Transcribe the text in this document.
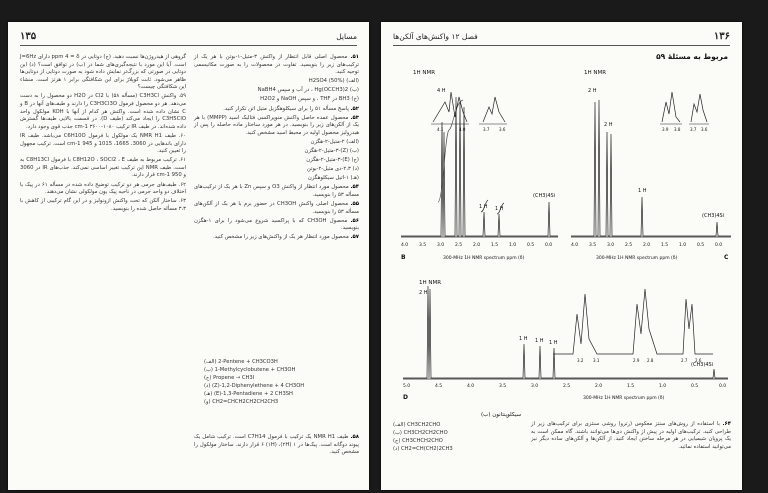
۱۳۵	مسایل

۵۱. محصول اصلی قابل انتظار از واکنش ۳-متیل-۱-بوتن با هر یک از ترکیب‌های زیر را بنویسید. تفاوت در محصولات را به صورت مکانیسمی توجیه کنید.

(الف) H2SO4 (50%)

(ب) Hg(OCCH3)2 ، در آب و سپس NaBH4

(ج) BH3 در THF ، و سپس NaOH و H2O2

۵۲. پاسخ مسأله ۵۱ را برای سیکلوهگزیل متیل اتن تکرار کنید.

۵۳. محصول عمده حاصل واکنش منوپراکسی فتالیک اسید (MMPP) با هر یک از آلکن‌های زیر را بنویسید. در هر مورد ساختار ماده حاصله را پس از هیدرولیز محصول اولیه در محیط اسید مشخص کنید.

(الف) ۲-متیل-۲-هگزن

(ب) (Z)-۳-متیل-۲-هگزن

(ج) (E)-۳-متیل-۲-هگزن

(د) ۲،۳-دی متیل-۲-بوتن

(هـ) ۱-اتیل سیکلوهگزن

۵۴. محصول مورد انتظار از واکنش O3 و سپس Zn با هر یک از ترکیب‌های مسأله ۵۳ را بنویسید.

۵۵. محصول اصلی واکنش CH3OH در حضور برم با هر یک از آلکن‌های مسأله ۵۳ را بنویسید.

۵۶. محصول CH3OH که با پراکسید شروع می‌شود را برای ۱-هگزن بنویسید.

۵۷. محصول مورد انتظار هر یک از واکنش‌های زیر را مشخص کنید.

(الف) 2-Pentene + CH3CO3H
(ب) 1-Methylcyclobutene + CH3OH
(ج) Propene → CH3I
(د) (Z)-1,2-Diphenylethene + 4 CH3OH
(هـ) (E)-1,3-Pentadiene + 2 CH3SH
(و) CH2=CHCH2CH2CH2CH3

۵۸. طیف NMR H1 یک ترکیب با فرمول C7H14 است. ترکیب شامل یک پیوند دوگانه است. پیک‌ها در ۱ (۲H)، ۶ (۱H) قرار دارند. ساختار مولکول را مشخص کنید.

گروهی از هیدروژن‌ها نسبت دهید. (ج) دوتایی در ppm 4 = δ دارای J=6Hz است. آیا این مورد با نتیجه‌گیری‌های شما در (ب) در توافق است؟ (د) این دوتایی در صورتی که بزرگ‌تر نمایش داده شود به صورت دوتایی از دوتایی‌ها ظاهر می‌شود. ثابت کوپلاژ برای این شکافتگی برابر ۱ هرتز است. منشاء این شکافتگی چیست؟

۵۹. واکنش C3H3Cl (مسأله ۵۸) با Cl2 در H2O دو محصول را به دست می‌دهد. هر دو محصول فرمول C3H3Cl3O را دارند و طیف‌های آنها در B و C نشان داده شده است. واکنش هر کدام از آنها با KOH مولکول واحد C3H5ClO را ایجاد می‌کند (طیف D). در قسمت بالایی طیف‌ها گسترش داده شده‌اند. در طیف IR ترکیب ۱۰۸۰-۳۶۰۰ cm-1 جذب قوی وجود دارد.

۶۰. طیف NMR H1 یک مولکول با فرمول C6H10O می‌باشد. طیف IR دارای باندهایی در 3060، 1665، 1015 و 945 cm-1 است. ترکیب مجهول را تعیین کنید.

۶۱. ترکیب مربوط به طیف C8H12O ، SOCl2 ، E با فرمول C8H13Cl به است. طیف NMR این ترکیب تغییر اساسی نمی‌کند. جذب‌های IR در 3060 و 950 cm-1 قرار دارند.

۶۲. طیف‌های جرمی هر دو ترکیب توضیح داده شده در مسأله ۶۱ در پیک یا اختلاف دو واحد جرمی در ناحیه پیک یون مولکولی نشان می‌دهند.

۶۳. ساختار آلکن که تحت واکنش ازونولیز و در این گام ترکیبی از کاهش با ۳،۳ مسأله حاصل شده را بنویسید.

فصل ۱۲ واکنش‌های آلکن‌ها	۱۳۶
مربوط به مسئلهٔ ۵۹
1H NMR
4 H
1 H 1 H
(CH3)4Si
4.1	4.0	3.7 3.6
4.0 3.5 3.0 2.5 2.0 1.5 1.0 0.5 0.0
B	300-MHz 1H NMR spectrum ppm (δ)
1H NMR
2 H
2 H
1 H
(CH3)4Si
3.9 3.8 3.7 3.6
4.0 3.5 3.0 2.5 2.0 1.5 1.0 0.5 0.0
C
300-MHz 1H NMR spectrum ppm (δ)
1H NMR
2 H
1 H 1 H 1 H
(CH3)4Si
3.2 3.1	2.9 2.8	2.7 2.6
5.0	4.5	4.0	3.5	3.0	2.5	2.0	1.5	1.0	0.5	0.0
D	300-MHz 1H NMR spectrum ppm (δ)
(ب) سیکلوپنتانون
(الف) CH3CH2CHO
(ب) CH3CH2CH2CHO
(ج) CH3CHCH2CHO
(د) CH2=CH(CH2)2CH3

۶۴. با استفاده از روش‌های سنتز معکوس (رترو) روشی سنتزی برای ترکیب‌های زیر از طراحی کنید. ترکیب‌های اولیه در پیش از واکنش دی‌ها می‌توانند باشند. گاه ممکن است به یک پروپان شیمیایی در هر مرحله ساختن ایجاد کنید. از آلکن‌ها و آلکن‌های ساده دیگر نیز می‌توانید استفاده نمائید.
